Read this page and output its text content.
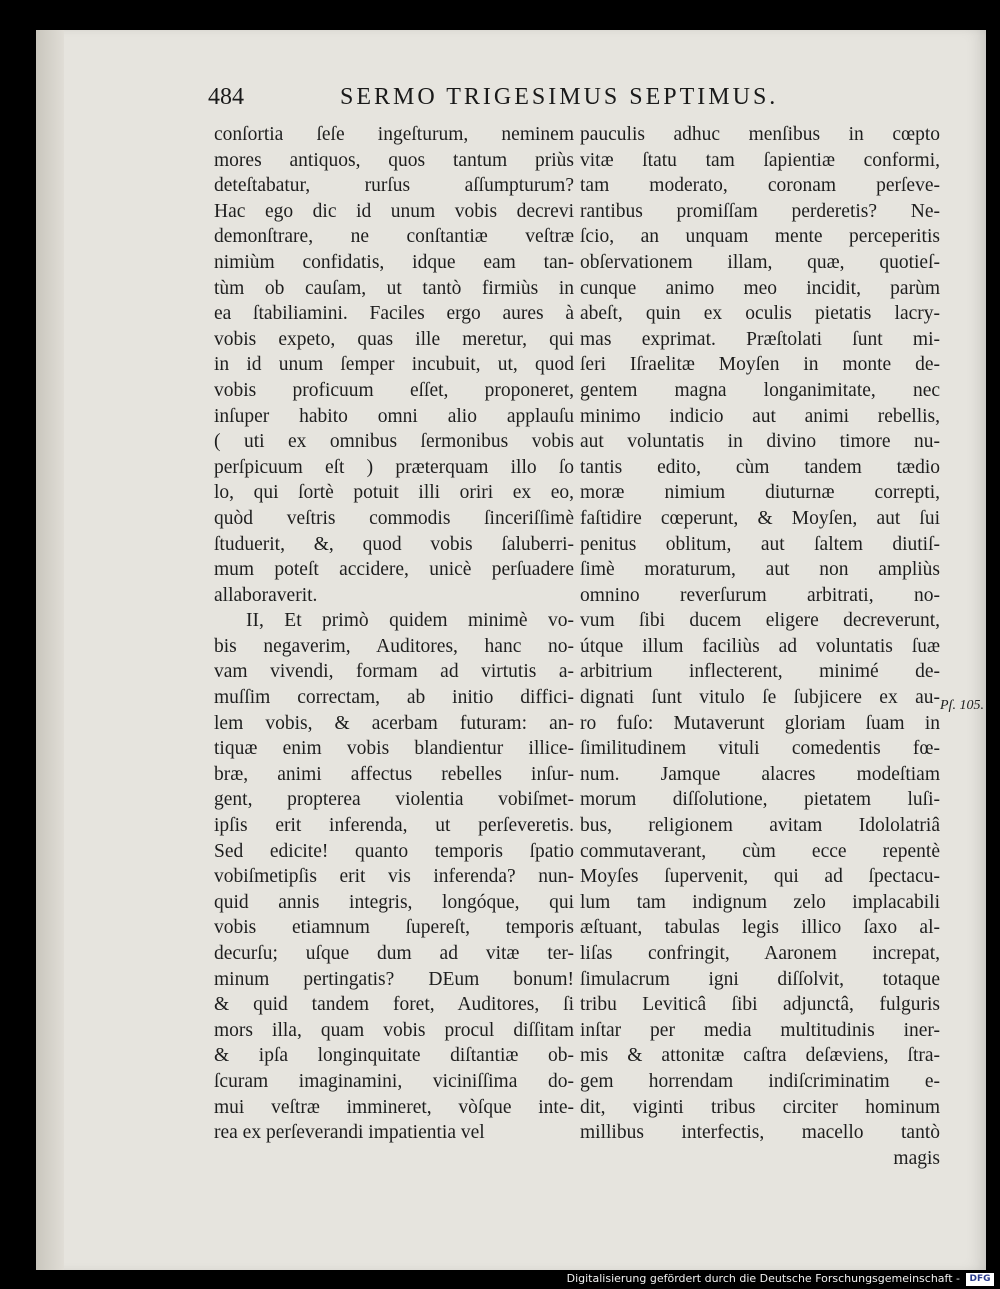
484	SERMO TRIGESIMUS SEPTIMUS.
conſortia ſeſe ingeſturum, neminem
mores antiquos, quos tantum priùs
deteſtabatur, rurſus aſſumpturum?
Hac ego dic id unum vobis decrevi
demonſtrare, ne conſtantiæ veſtræ
nimiùm confidatis, idque eam tan-
tùm ob cauſam, ut tantò firmiùs in
ea ſtabiliamini. Faciles ergo aures à
vobis expeto, quas ille meretur, qui
in id unum ſemper incubuit, ut, quod
vobis proficuum eſſet, proponeret,
inſuper habito omni alio applauſu
( uti ex omnibus ſermonibus vobis
perſpicuum eſt ) præterquam illo ſo
lo, qui ſortè potuit illi oriri ex eo,
quòd veſtris commodis ſinceriſſimè
ſtuduerit, &, quod vobis ſaluberri-
mum poteſt accidere, unicè perſuadere
allaboraverit.
II, Et primò quidem minimè vo-
bis negaverim, Auditores, hanc no-
vam vivendi, formam ad virtutis a-
muſſim correctam, ab initio diffici-
lem vobis, & acerbam futuram: an-
tiquæ enim vobis blandientur illice-
bræ, animi affectus rebelles inſur-
gent, propterea violentia vobiſmet-
ipſis erit inferenda, ut perſeveretis.
Sed edicite! quanto temporis ſpatio
vobiſmetipſis erit vis inferenda? nun-
quid annis integris, longóque, qui
vobis etiamnum ſupereſt, temporis
decurſu; uſque dum ad vitæ ter-
minum pertingatis? DEum bonum!
& quid tandem foret, Auditores, ſi
mors illa, quam vobis procul diſſitam
& ipſa longinquitate diſtantiæ ob-
ſcuram imaginamini, viciniſſima do-
mui veſtræ immineret, vòſque inte-
rea ex perſeverandi impatientia vel
pauculis adhuc menſibus in cœpto
vitæ ſtatu tam ſapientiæ conformi,
tam moderato, coronam perſeve-
rantibus promiſſam perderetis? Ne-
ſcio, an unquam mente perceperitis
obſervationem illam, quæ, quotieſ-
cunque animo meo incidit, parùm
abeſt, quin ex oculis pietatis lacry-
mas exprimat. Præſtolati ſunt mi-
ſeri Iſraelitæ Moyſen in monte de-
gentem magna longanimitate, nec
minimo indicio aut animi rebellis,
aut voluntatis in divino timore nu-
tantis edito, cùm tandem tædio
moræ nimium diuturnæ correpti,
faſtidire cœperunt, & Moyſen, aut ſui
penitus oblitum, aut ſaltem diutiſ-
ſimè moraturum, aut non ampliùs
omnino reverſurum arbitrati, no-
vum ſibi ducem eligere decreverunt,
útque illum faciliùs ad voluntatis ſuæ
arbitrium inflecterent, minimé de-
dignati ſunt vitulo ſe ſubjicere ex au-
ro fuſo: Mutaverunt gloriam ſuam in
ſimilitudinem vituli comedentis fœ-
num. Jamque alacres modeſtiam
morum diſſolutione, pietatem luſi-
bus, religionem avitam Idololatriâ
commutaverant, cùm ecce repentè
Moyſes ſupervenit, qui ad ſpectacu-
lum tam indignum zelo implacabili
æſtuant, tabulas legis illico ſaxo al-
liſas confringit, Aaronem increpat,
ſimulacrum igni diſſolvit, totaque
tribu Leviticâ ſibi adjunctâ, fulguris
inſtar per media multitudinis iner-
mis & attonitæ caſtra deſæviens, ſtra-
gem horrendam indiſcriminatim e-
dit, viginti tribus circiter hominum
millibus interfectis, macello tantò
magis
Pſ. 105.
Digitalisierung gefördert durch die Deutsche Forschungsgemeinschaft -	DFG
